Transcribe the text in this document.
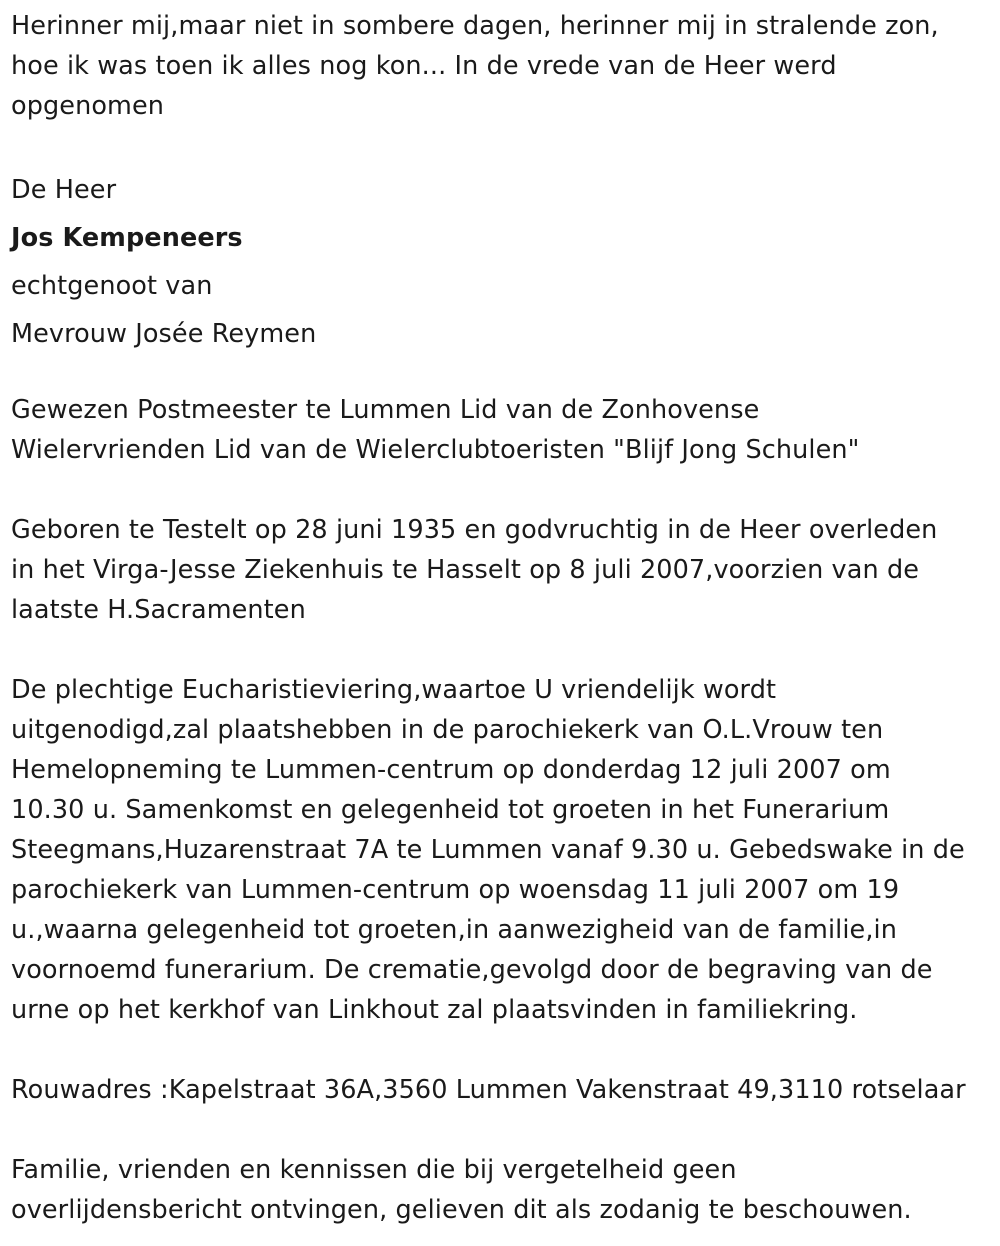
Herinner mij,maar niet in sombere dagen, herinner mij in stralende zon,
hoe ik was toen ik alles nog kon... In de vrede van de Heer werd
opgenomen

De Heer

Jos Kempeneers

echtgenoot van

Mevrouw Josée Reymen

Gewezen Postmeester te Lummen Lid van de Zonhovense
Wielervrienden Lid van de Wielerclubtoeristen "Blijf Jong Schulen"

Geboren te Testelt op 28 juni 1935 en godvruchtig in de Heer overleden
in het Virga-Jesse Ziekenhuis te Hasselt op 8 juli 2007,voorzien van de
laatste H.Sacramenten

De plechtige Eucharistieviering,waartoe U vriendelijk wordt
uitgenodigd,zal plaatshebben in de parochiekerk van O.L.Vrouw ten
Hemelopneming te Lummen-centrum op donderdag 12 juli 2007 om
10.30 u. Samenkomst en gelegenheid tot groeten in het Funerarium
Steegmans,Huzarenstraat 7A te Lummen vanaf 9.30 u. Gebedswake in de
parochiekerk van Lummen-centrum op woensdag 11 juli 2007 om 19
u.,waarna gelegenheid tot groeten,in aanwezigheid van de familie,in
voornoemd funerarium. De crematie,gevolgd door de begraving van de
urne op het kerkhof van Linkhout zal plaatsvinden in familiekring.

Rouwadres :Kapelstraat 36A,3560 Lummen Vakenstraat 49,3110 rotselaar

Familie, vrienden en kennissen die bij vergetelheid geen
overlijdensbericht ontvingen, gelieven dit als zodanig te beschouwen.
